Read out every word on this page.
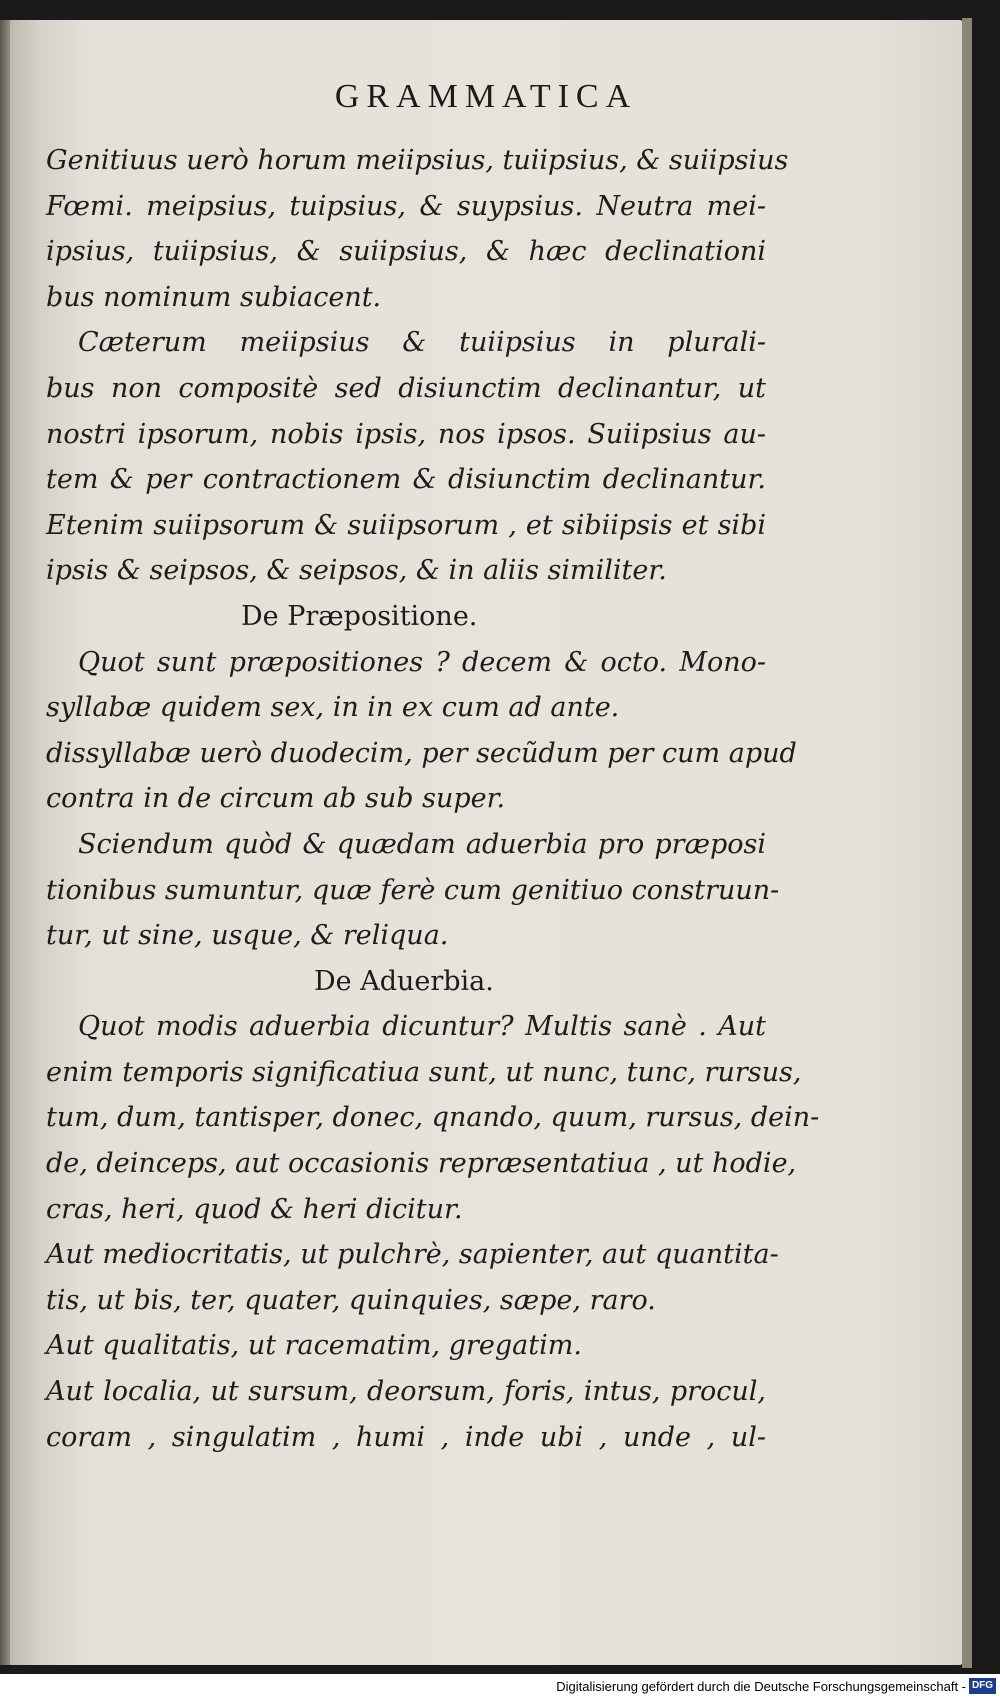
GRAMMATICA
Genitiuus uerò horum meiipsius, tuiipsius, & suiipsius
Fœmi. meipsius, tuipsius, & suypsius. Neutra mei-
ipsius, tuiipsius, & suiipsius, & hæc declinationi
bus nominum subiacent.
Cæterum meiipsius & tuiipsius in plurali-
bus non compositè sed disiunctim declinantur, ut
nostri ipsorum, nobis ipsis, nos ipsos. Suiipsius au-
tem & per contractionem & disiunctim declinantur.
Etenim suiipsorum & suiipsorum , et sibiipsis et sibi
ipsis & seipsos, & seipsos, & in aliis similiter.
De Præpositione.
Quot sunt præpositiones ? decem & octo. Mono-
syllabæ quidem sex, in in ex cum ad ante.
dissyllabæ uerò duodecim, per secũdum per cum apud
contra in de circum ab sub super.
Sciendum quòd & quædam aduerbia pro præposi
tionibus sumuntur, quæ ferè cum genitiuo construun-
tur, ut sine, usque, & reliqua.
De Aduerbia.
Quot modis aduerbia dicuntur? Multis sanè . Aut
enim temporis significatiua sunt, ut nunc, tunc, rursus,
tum, dum, tantisper, donec, qnando, quum, rursus, dein-
de, deinceps, aut occasionis repræsentatiua , ut hodie,
cras, heri, quod & heri dicitur.
Aut mediocritatis, ut pulchrè, sapienter, aut quantita-
tis, ut bis, ter, quater, quinquies, sæpe, raro.
Aut qualitatis, ut racematim, gregatim.
Aut localia, ut sursum, deorsum, foris, intus, procul,
coram , singulatim , humi , inde ubi , unde , ul-
Digitalisierung gefördert durch die Deutsche Forschungsgemeinschaft - DFG
